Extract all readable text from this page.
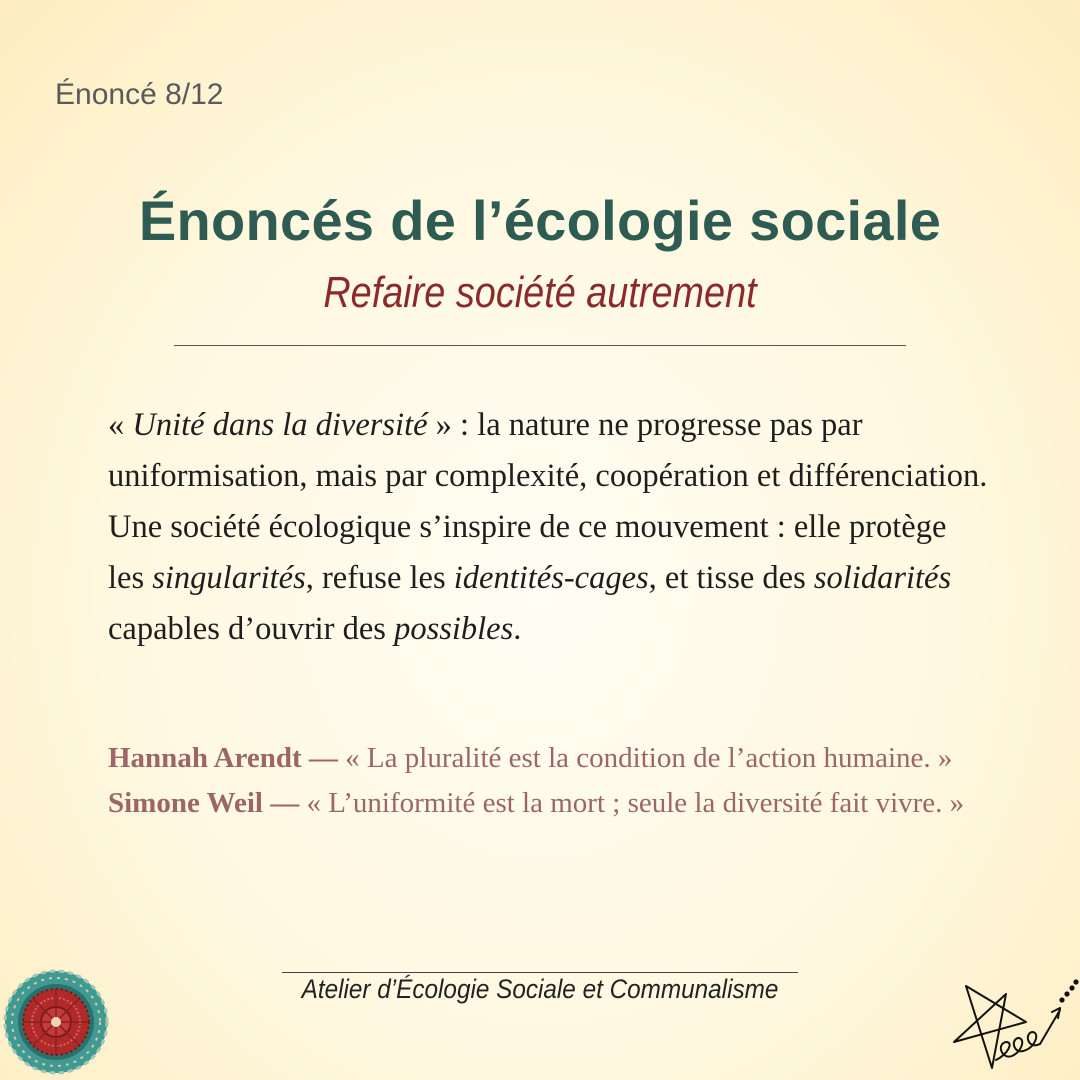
Énoncé 8/12
Énoncés de l’écologie sociale
Refaire société autrement
« Unité dans la diversité » : la nature ne progresse pas par uniformisation, mais par complexité, coopération et différenciation. Une société écologique s’inspire de ce mouvement : elle protège les singularités, refuse les identités-cages, et tisse des solidarités capables d’ouvrir des possibles.
Hannah Arendt — « La pluralité est la condition de l’action humaine. »
Simone Weil — « L’uniformité est la mort ; seule la diversité fait vivre. »
Atelier d’Écologie Sociale et Communalisme
